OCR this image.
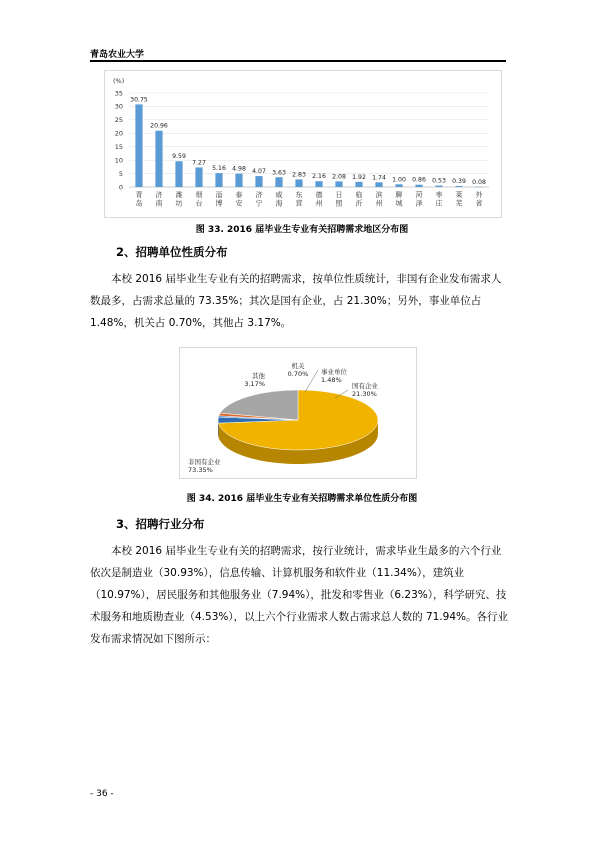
青岛农业大学
(%)
0
5
10
15
20
25
30
35
30.75
青
岛
20.96
济
南
9.59
潍
坊
7.27
烟
台
5.16
淄
博
4.98
泰
安
4.07
济
宁
3.63
威
海
2.83
东
营
2.16
德
州
2.08
日
照
1.92
临
沂
1.74
滨
州
1.00
聊
城
0.86
菏
泽
0.53
枣
庄
0.39
莱
芜
0.08
外
省
图 33. 2016 届毕业生专业有关招聘需求地区分布图
2、招聘单位性质分布

本校 2016 届毕业生专业有关的招聘需求，按单位性质统计，非国有企业发布需求人数最多，占需求总量的 73.35%；其次是国有企业，占 21.30%；另外，事业单位占 1.48%，机关占 0.70%，其他占 3.17%。

非国有企业
73.35%
其他
3.17%
机关
0.70% 事业单位
1.48%
国有企业
21.30%
图 34. 2016 届毕业生专业有关招聘需求单位性质分布图
3、招聘行业分布

本校 2016 届毕业生专业有关的招聘需求，按行业统计，需求毕业生最多的六个行业依次是制造业（30.93%），信息传输、计算机服务和软件业（11.34%），建筑业（10.97%），居民服务和其他服务业（7.94%），批发和零售业（6.23%），科学研究、技术服务和地质勘查业（4.53%），以上六个行业需求人数占需求总人数的 71.94%。各行业发布需求情况如下图所示：

- 36 -
